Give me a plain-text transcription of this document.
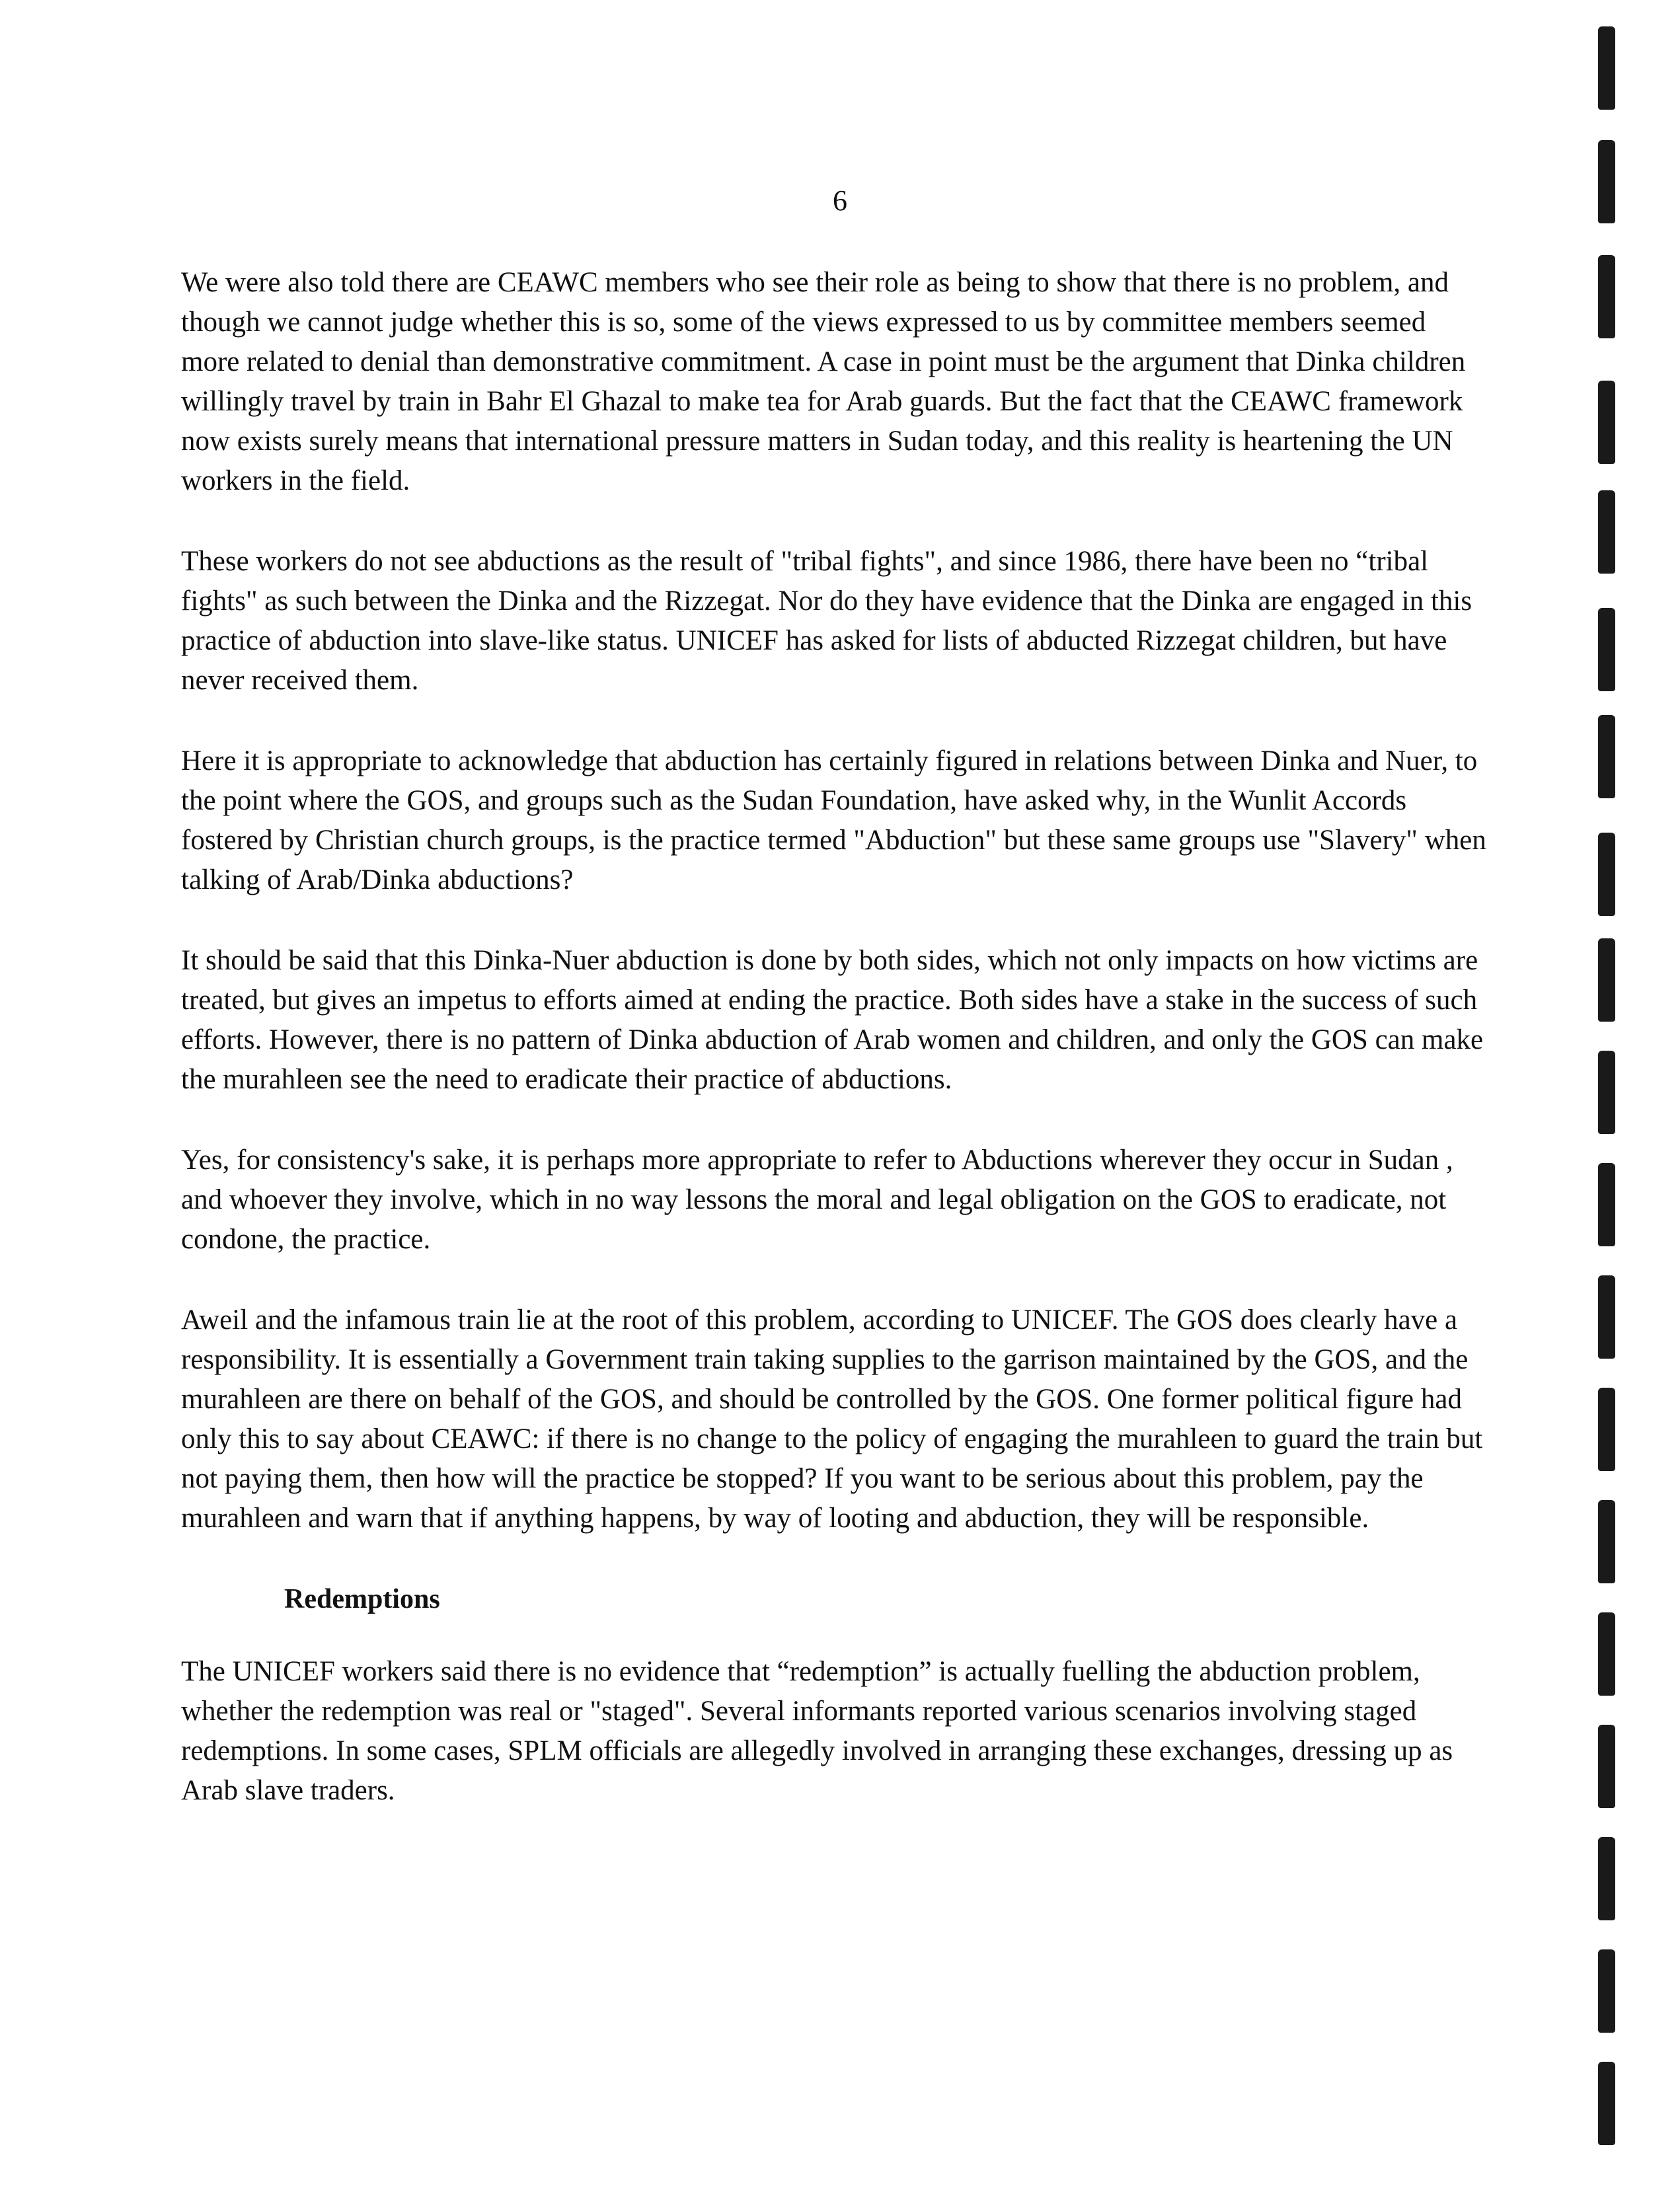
6

We were also told there are CEAWC members who see their role as being to show that there is no problem, and though we cannot judge whether this is so, some of the views expressed to us by committee members seemed more related to denial than demonstrative commitment. A case in point must be the argument that Dinka children willingly travel by train in Bahr El Ghazal to make tea for Arab guards. But the fact that the CEAWC framework now exists surely means that international pressure matters in Sudan today, and this reality is heartening the UN workers in the field.

These workers do not see abductions as the result of "tribal fights", and since 1986, there have been no “tribal fights" as such between the Dinka and the Rizzegat. Nor do they have evidence that the Dinka are engaged in this practice of abduction into slave-like status. UNICEF has asked for lists of abducted Rizzegat children, but have never received them.

Here it is appropriate to acknowledge that abduction has certainly figured in relations between Dinka and Nuer, to the point where the GOS, and groups such as the Sudan Foundation, have asked why, in the Wunlit Accords fostered by Christian church groups, is the practice termed "Abduction" but these same groups use "Slavery" when talking of Arab/Dinka abductions?

It should be said that this Dinka-Nuer abduction is done by both sides, which not only impacts on how victims are treated, but gives an impetus to efforts aimed at ending the practice. Both sides have a stake in the success of such efforts. However, there is no pattern of Dinka abduction of Arab women and children, and only the GOS can make the murahleen see the need to eradicate their practice of abductions.

Yes, for consistency's sake, it is perhaps more appropriate to refer to Abductions wherever they occur in Sudan , and whoever they involve, which in no way lessons the moral and legal obligation on the GOS to eradicate, not condone, the practice.

Aweil and the infamous train lie at the root of this problem, according to UNICEF. The GOS does clearly have a responsibility. It is essentially a Government train taking supplies to the garrison maintained by the GOS, and the murahleen are there on behalf of the GOS, and should be controlled by the GOS. One former political figure had only this to say about CEAWC: if there is no change to the policy of engaging the murahleen to guard the train but not paying them, then how will the practice be stopped? If you want to be serious about this problem, pay the murahleen and warn that if anything happens, by way of looting and abduction, they will be responsible.

Redemptions

The UNICEF workers said there is no evidence that “redemption” is actually fuelling the abduction problem, whether the redemption was real or "staged". Several informants reported various scenarios involving staged redemptions. In some cases, SPLM officials are allegedly involved in arranging these exchanges, dressing up as Arab slave traders.
